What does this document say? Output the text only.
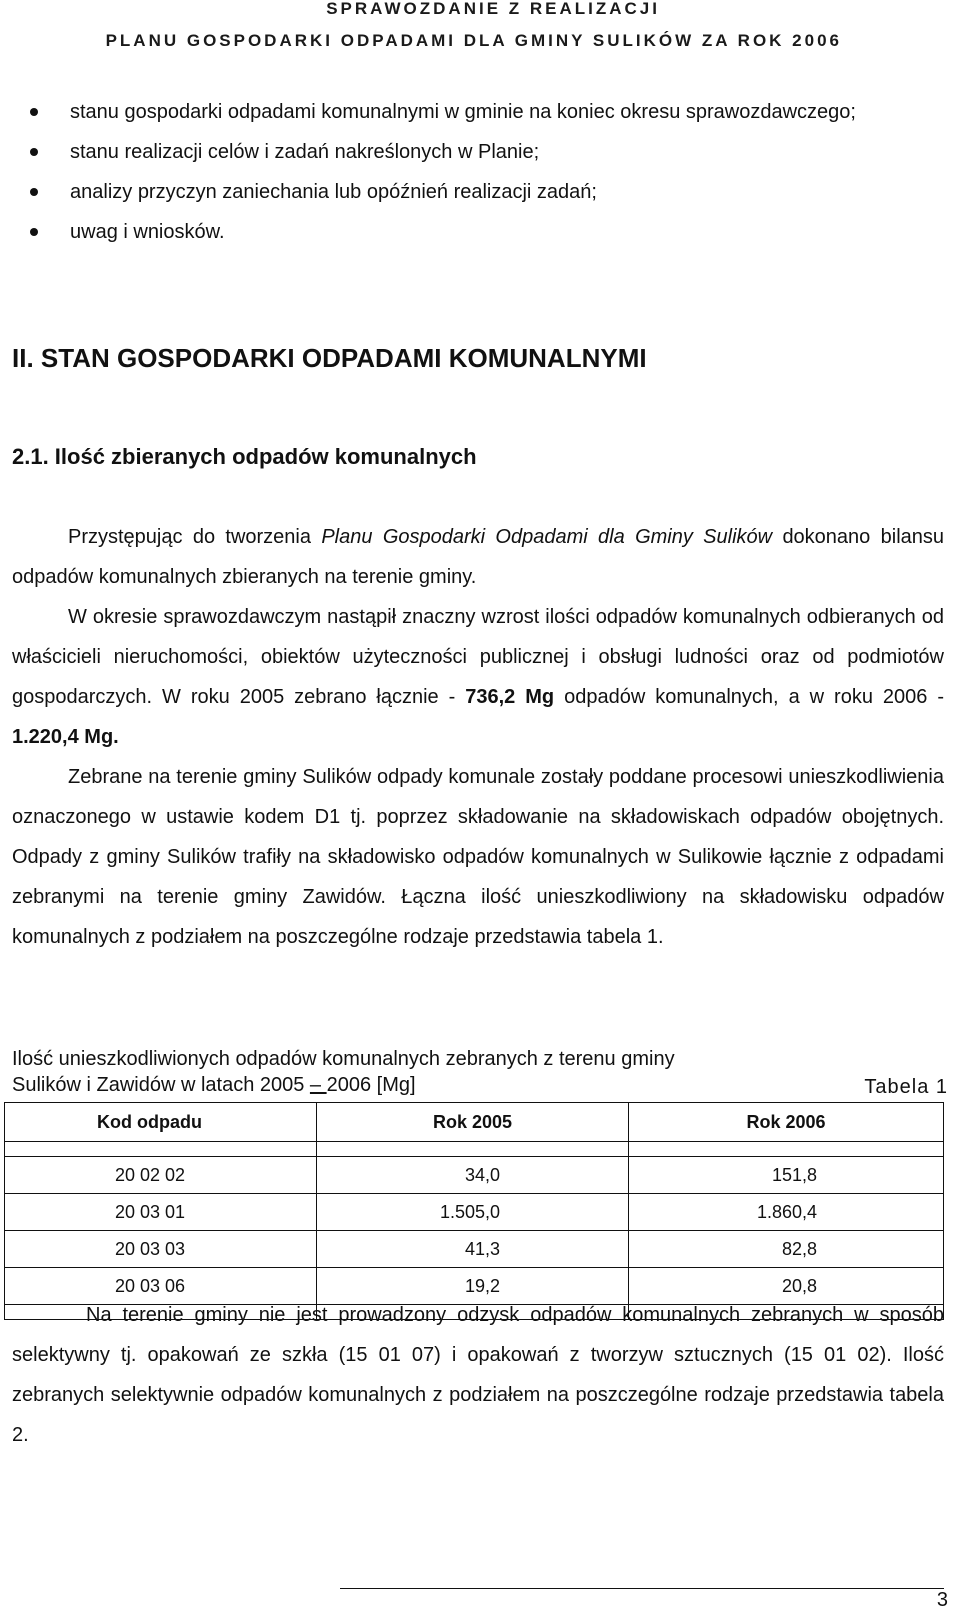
SPRAWOZDANIE Z REALIZACJI
PLANU GOSPODARKI ODPADAMI DLA GMINY SULIKÓW ZA ROK 2006
stanu gospodarki odpadami komunalnymi w gminie na koniec okresu sprawozdawczego;
stanu realizacji celów i zadań nakreślonych w Planie;
analizy przyczyn zaniechania lub opóźnień realizacji zadań;
uwag i wniosków.
II. STAN GOSPODARKI ODPADAMI KOMUNALNYMI
2.1. Ilość zbieranych odpadów komunalnych

Przystępując do tworzenia Planu Gospodarki Odpadami dla Gminy Sulików dokonano bilansu odpadów komunalnych zbieranych na terenie gminy.

W okresie sprawozdawczym nastąpił znaczny wzrost ilości odpadów komunalnych odbieranych od właścicieli nieruchomości, obiektów użyteczności publicznej i obsługi ludności oraz od podmiotów gospodarczych. W roku 2005 zebrano łącznie - 736,2 Mg odpadów komunalnych, a w roku 2006 - 1.220,4 Mg.
Zebrane na terenie gminy Sulików odpady komunale zostały poddane procesowi unieszkodliwienia oznaczonego w ustawie kodem D1 tj. poprzez składowanie na składowiskach odpadów obojętnych. Odpady z gminy Sulików trafiły na składowisko odpadów komunalnych w Sulikowie łącznie z odpadami zebranymi na terenie gminy Zawidów. Łączna ilość unieszkodliwiony na składowisku odpadów komunalnych z podziałem na poszczególne rodzaje przedstawia tabela 1.

Ilość unieszkodliwionych odpadów komunalnych zebranych z terenu gminy
Sulików i Zawidów w latach 2005 – 2006 [Mg]	Tabela 1
Kod odpadu	Rok 2005	Rok 2006

20 02 02	34,0	151,8
20 03 01	1.505,0	1.860,4
20 03 03	41,3	82,8
20 03 06	19,2	20,8

Na terenie gminy nie jest prowadzony odzysk odpadów komunalnych zebranych w sposób selektywny tj. opakowań ze szkła (15 01 07) i opakowań z tworzyw sztucznych (15 01 02). Ilość zebranych selektywnie odpadów komunalnych z podziałem na poszczególne rodzaje przedstawia tabela 2.

3
